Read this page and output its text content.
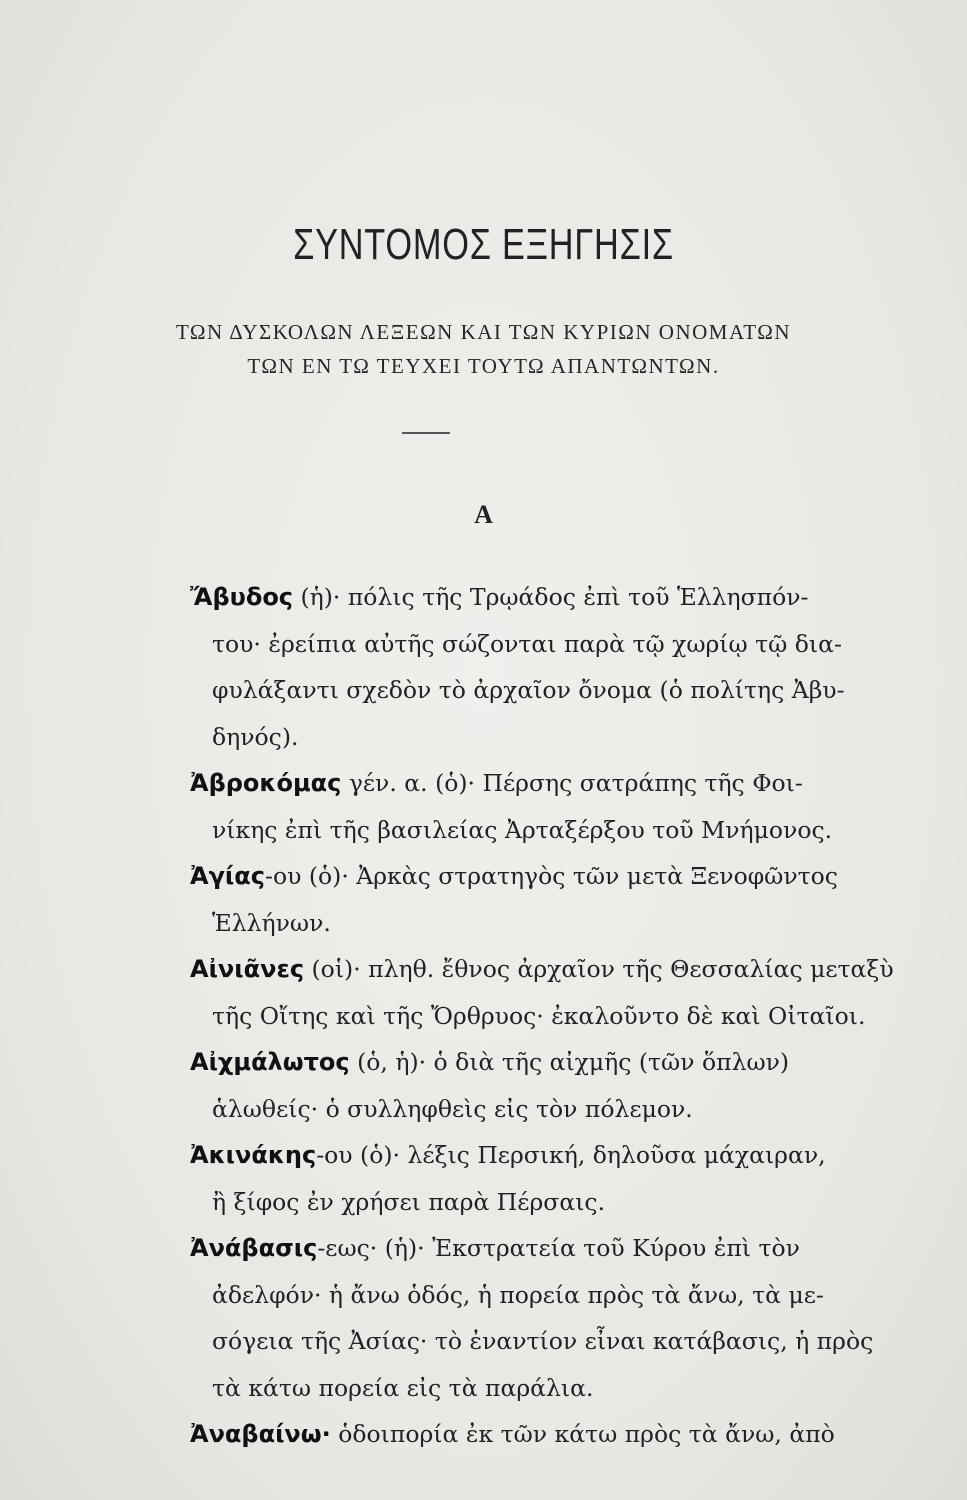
ΣΥΝΤΟΜΟΣ ΕΞΗΓΗΣΙΣ
ΤΩΝ ΔΥΣΚΟΛΩΝ ΛΕΞΕΩΝ ΚΑΙ ΤΩΝ ΚΥΡΙΩΝ ΟΝΟΜΑΤΩΝ
ΤΩΝ ΕΝ ΤΩ ΤΕΥΧΕΙ ΤΟΥΤΩ ΑΠΑΝΤΩΝΤΩΝ.
Α
Ἄβυδος (ἡ)· πόλις τῆς Τρῳάδος ἐπὶ τοῦ Ἑλλησπόν-
του· ἐρείπια αὐτῆς σώζονται παρὰ τῷ χωρίῳ τῷ δια-
φυλάξαντι σχεδὸν τὸ ἀρχαῖον ὄνομα (ὁ πολίτης Ἀβυ-
δηνός).
Ἀβροκόμας γέν. α. (ὁ)· Πέρσης σατράπης τῆς Φοι-
νίκης ἐπὶ τῆς βασιλείας Ἀρταξέρξου τοῦ Μνήμονος.
Ἀγίας-ου (ὁ)· Ἀρκὰς στρατηγὸς τῶν μετὰ Ξενοφῶντος
Ἑλλήνων.
Αἰνιᾶνες (οἱ)· πληθ. ἔθνος ἀρχαῖον τῆς Θεσσαλίας μεταξὺ
τῆς Οἴτης καὶ τῆς Ὄρθρυος· ἐκαλοῦντο δὲ καὶ Οἰταῖοι.
Αἰχμάλωτος (ὁ, ἡ)· ὁ διὰ τῆς αἰχμῆς (τῶν ὅπλων)
ἁλωθείς· ὁ συλληφθεὶς εἰς τὸν πόλεμον.
Ἀκινάκης-ου (ὁ)· λέξις Περσική, δηλοῦσα μάχαιραν,
ἢ ξίφος ἐν χρήσει παρὰ Πέρσαις.
Ἀνάβασις-εως· (ἡ)· Ἐκστρατεία τοῦ Κύρου ἐπὶ τὸν
ἀδελφόν· ἡ ἄνω ὁδός, ἡ πορεία πρὸς τὰ ἄνω, τὰ με-
σόγεια τῆς Ἀσίας· τὸ ἐναντίον εἶναι κατάβασις, ἡ πρὸς
τὰ κάτω πορεία εἰς τὰ παράλια.
Ἀναβαίνω· ὁδοιπορία ἐκ τῶν κάτω πρὸς τὰ ἄνω, ἀπὸ
